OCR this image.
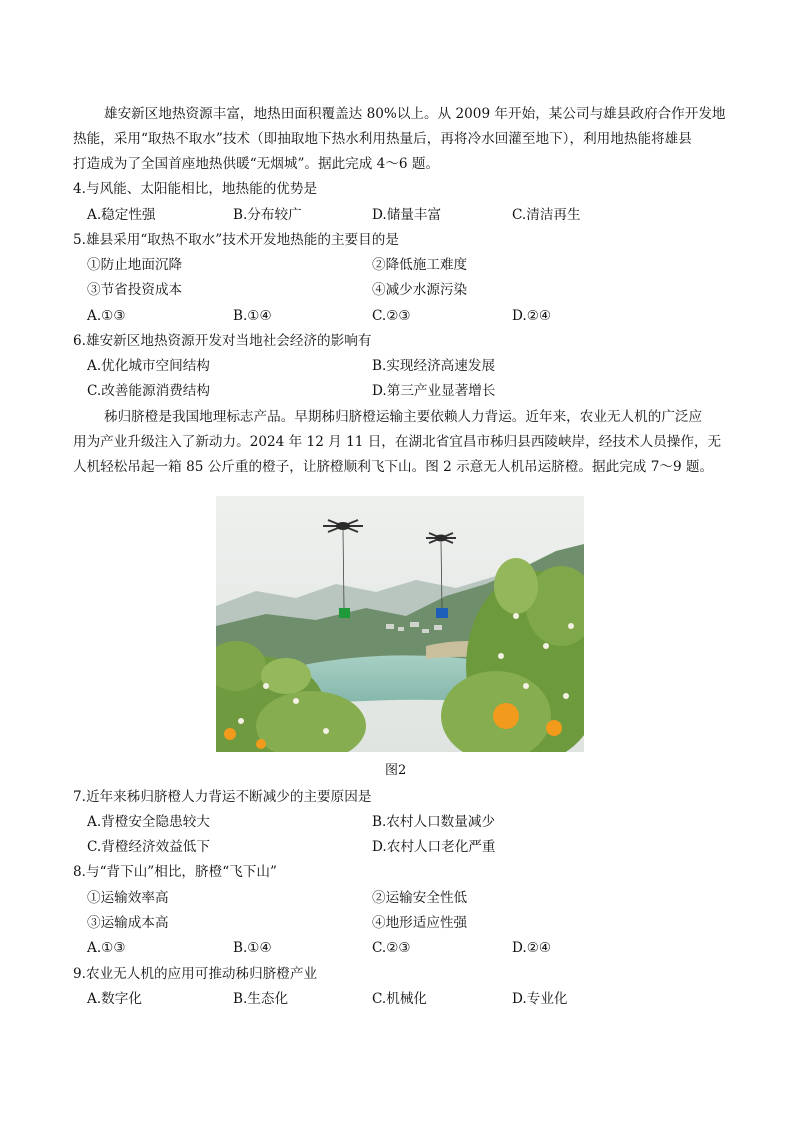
雄安新区地热资源丰富，地热田面积覆盖达 80%以上。从 2009 年开始，某公司与雄县政府合作开发地
热能，采用“取热不取水”技术（即抽取地下热水利用热量后，再将冷水回灌至地下），利用地热能将雄县
打造成为了全国首座地热供暖“无烟城”。据此完成 4～6 题。
4.与风能、太阳能相比，地热能的优势是
A.稳定性强	B.分布较广	D.储量丰富	C.清洁再生
5.雄县采用“取热不取水”技术开发地热能的主要目的是
①防止地面沉降	②降低施工难度
③节省投资成本	④减少水源污染
A.①③	B.①④	C.②③	D.②④
6.雄安新区地热资源开发对当地社会经济的影响有
A.优化城市空间结构	B.实现经济高速发展
C.改善能源消费结构	D.第三产业显著增长
秭归脐橙是我国地理标志产品。早期秭归脐橙运输主要依赖人力背运。近年来，农业无人机的广泛应
用为产业升级注入了新动力。2024 年 12 月 11 日，在湖北省宜昌市秭归县西陵峡岸，经技术人员操作，无
人机轻松吊起一箱 85 公斤重的橙子，让脐橙顺利飞下山。图 2 示意无人机吊运脐橙。据此完成 7～9 题。
图2
7.近年来秭归脐橙人力背运不断减少的主要原因是
A.背橙安全隐患较大	B.农村人口数量减少
C.背橙经济效益低下	D.农村人口老化严重
8.与“背下山”相比，脐橙“飞下山”
①运输效率高	②运输安全性低
③运输成本高	④地形适应性强
A.①③	B.①④	C.②③	D.②④
9.农业无人机的应用可推动秭归脐橙产业
A.数字化	B.生态化	C.机械化	D.专业化
